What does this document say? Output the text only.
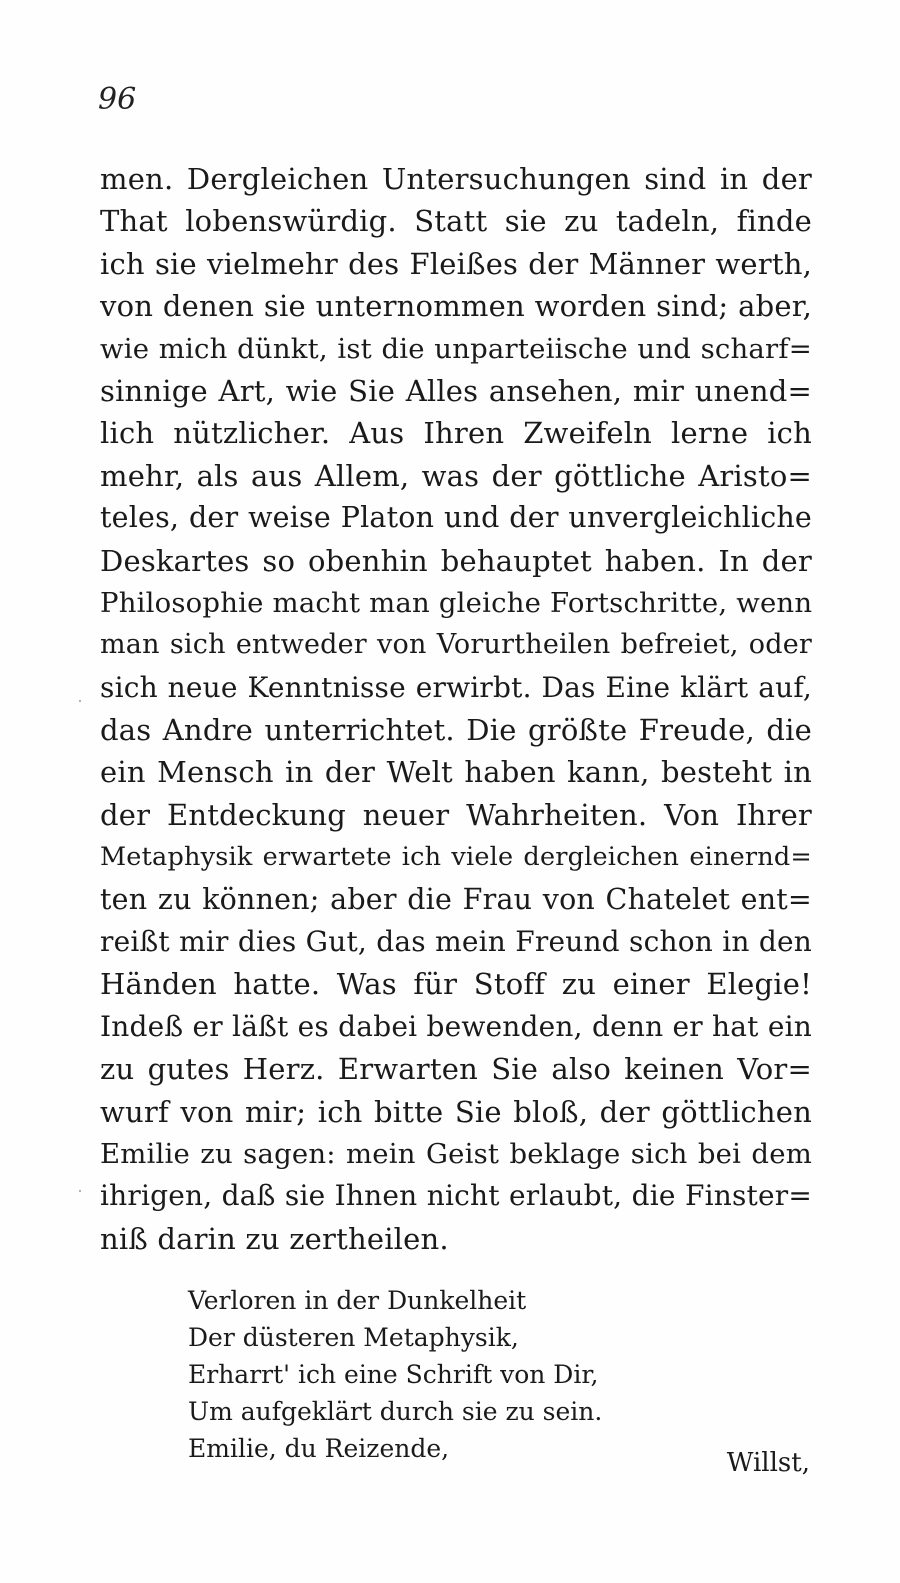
96
men. Dergleichen Untersuchungen sind in der
That lobenswürdig. Statt sie zu tadeln, finde
ich sie vielmehr des Fleißes der Männer werth,
von denen sie unternommen worden sind; aber,
wie mich dünkt, ist die unparteiische und scharf=
sinnige Art, wie Sie Alles ansehen, mir unend=
lich nützlicher. Aus Ihren Zweifeln lerne ich
mehr, als aus Allem, was der göttliche Aristo=
teles, der weise Platon und der unvergleichliche
Deskartes so obenhin behauptet haben. In der
Philosophie macht man gleiche Fortschritte, wenn
man sich entweder von Vorurtheilen befreiet, oder
sich neue Kenntnisse erwirbt. Das Eine klärt auf,
das Andre unterrichtet. Die größte Freude, die
ein Mensch in der Welt haben kann, besteht in
der Entdeckung neuer Wahrheiten. Von Ihrer
Metaphysik erwartete ich viele dergleichen einernd=
ten zu können; aber die Frau von Chatelet ent=
reißt mir dies Gut, das mein Freund schon in den
Händen hatte. Was für Stoff zu einer Elegie!
Indeß er läßt es dabei bewenden, denn er hat ein
zu gutes Herz. Erwarten Sie also keinen Vor=
wurf von mir; ich bitte Sie bloß, der göttlichen
Emilie zu sagen: mein Geist beklage sich bei dem
ihrigen, daß sie Ihnen nicht erlaubt, die Finster=
niß darin zu zertheilen.
Verloren in der Dunkelheit
Der düsteren Metaphysik,
Erharrt' ich eine Schrift von Dir,
Um aufgeklärt durch sie zu sein.
Emilie, du Reizende,	Willst,
